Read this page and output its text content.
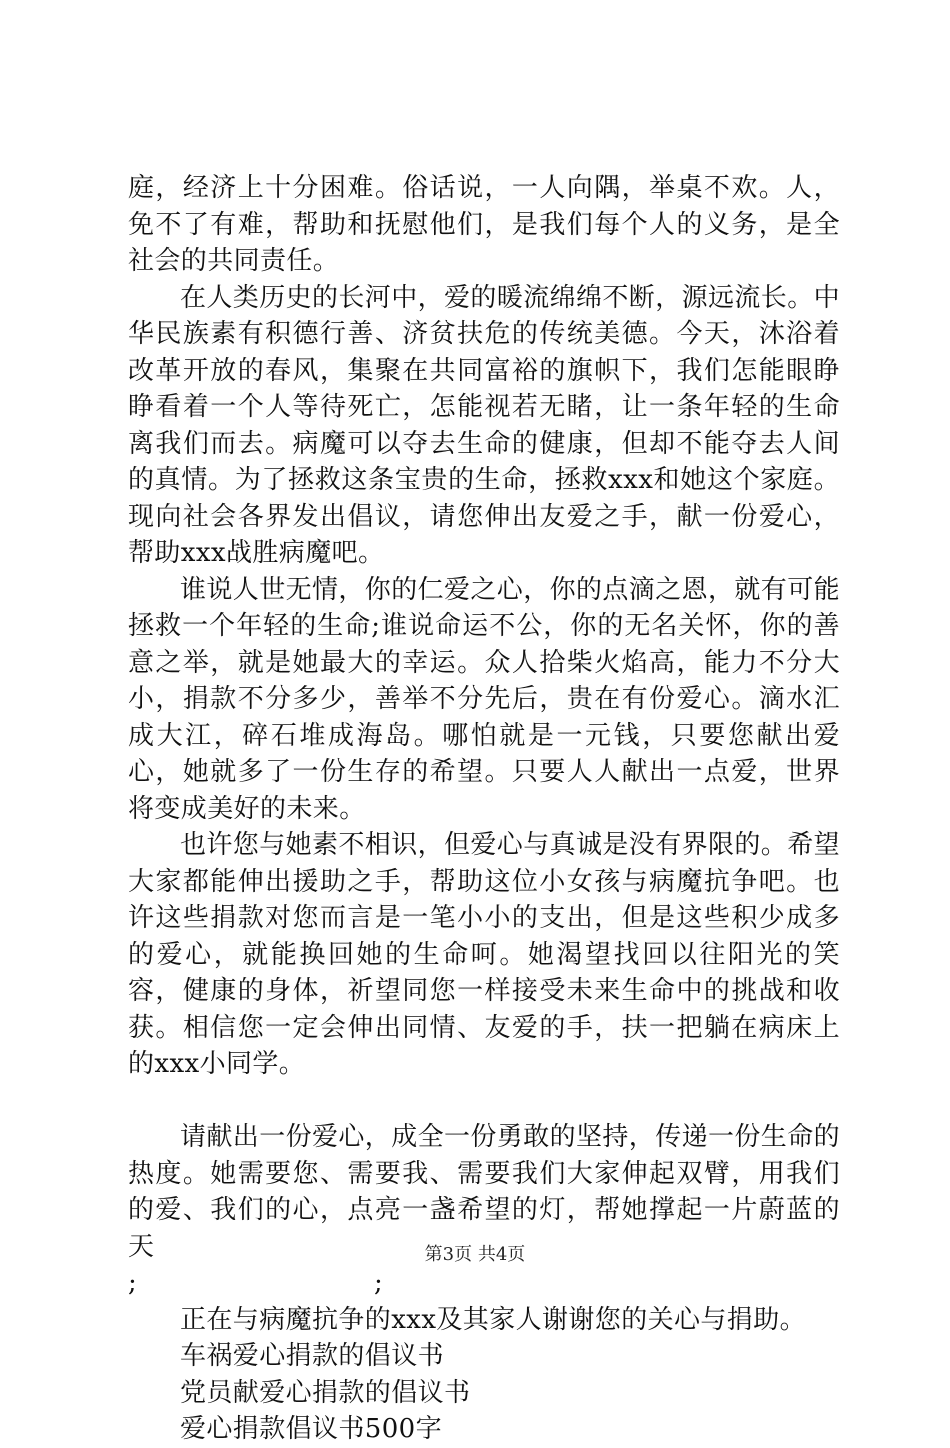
庭，经济上十分困难。俗话说，一人向隅，举桌不欢。人，免不了有难，帮助和抚慰他们，是我们每个人的义务，是全社会的共同责任。

在人类历史的长河中，爱的暖流绵绵不断，源远流长。中华民族素有积德行善、济贫扶危的传统美德。今天，沐浴着改革开放的春风，集聚在共同富裕的旗帜下，我们怎能眼睁睁看着一个人等待死亡，怎能视若无睹，让一条年轻的生命离我们而去。病魔可以夺去生命的健康，但却不能夺去人间的真情。为了拯救这条宝贵的生命，拯救xxx和她这个家庭。现向社会各界发出倡议，请您伸出友爱之手，献一份爱心，帮助xxx战胜病魔吧。

谁说人世无情，你的仁爱之心，你的点滴之恩，就有可能拯救一个年轻的生命;谁说命运不公，你的无名关怀，你的善意之举，就是她最大的幸运。众人拾柴火焰高，能力不分大小，捐款不分多少，善举不分先后，贵在有份爱心。滴水汇成大江，碎石堆成海岛。哪怕就是一元钱，只要您献出爱心，她就多了一份生存的希望。只要人人献出一点爱，世界将变成美好的未来。

也许您与她素不相识，但爱心与真诚是没有界限的。希望大家都能伸出援助之手，帮助这位小女孩与病魔抗争吧。也许这些捐款对您而言是一笔小小的支出，但是这些积少成多的爱心，就能换回她的生命呵。她渴望找回以往阳光的笑容，健康的身体，祈望同您一样接受未来生命中的挑战和收获。相信您一定会伸出同情、友爱的手，扶一把躺在病床上的xxx小同学。

请献出一份爱心，成全一份勇敢的坚持，传递一份生命的热度。她需要您、需要我、需要我们大家伸起双臂，用我们的爱、我们的心，点亮一盏希望的灯，帮她撑起一片蔚蓝的天

;	;

正在与病魔抗争的xxx及其家人谢谢您的关心与捐助。

车祸爱心捐款的倡议书

党员献爱心捐款的倡议书

爱心捐款倡议书500字

第3页 共4页
